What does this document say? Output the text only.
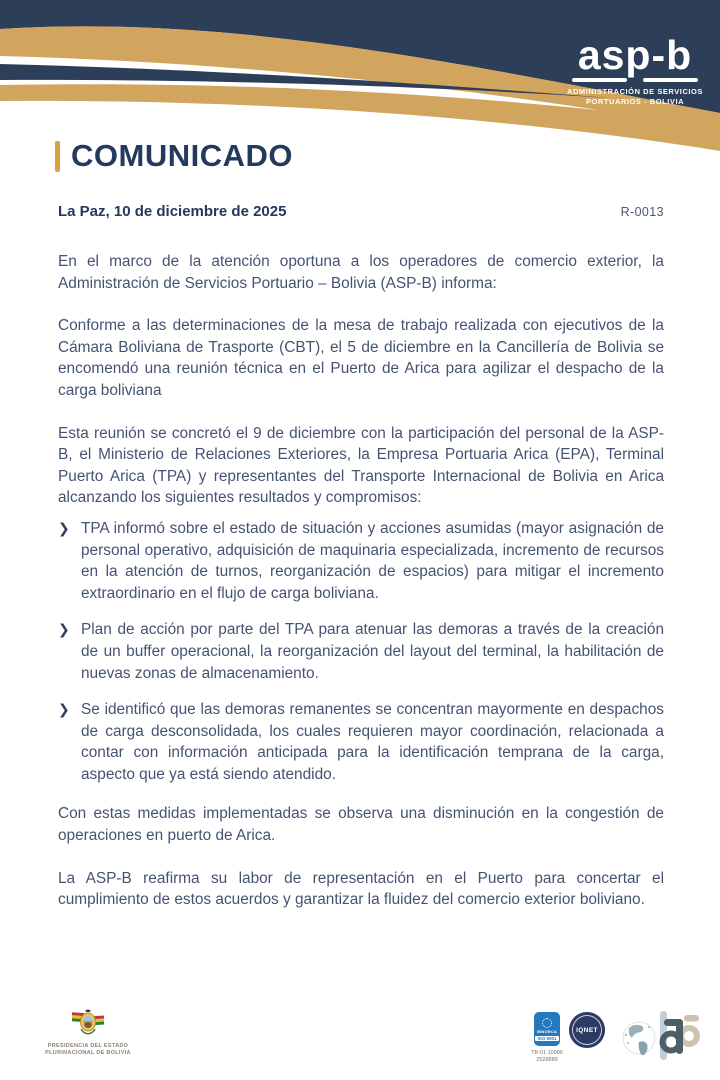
asp-b
ADMINISTRACIÓN DE SERVICIOS
PORTUARIOS - BOLIVIA
COMUNICADO
La Paz, 10 de diciembre de 2025	R-0013

En el marco de la atención oportuna a los operadores de comercio exterior, la Administración de Servicios Portuario – Bolivia (ASP-B) informa:

Conforme a las determinaciones de la mesa de trabajo realizada con ejecutivos de la Cámara Boliviana de Trasporte (CBT), el 5 de diciembre en la Cancillería de Bolivia se encomendó una reunión técnica en el Puerto de Arica para agilizar el despacho de la carga boliviana

Esta reunión se concretó el 9 de diciembre con la participación del personal de la ASP-B, el Ministerio de Relaciones Exteriores, la Empresa Portuaria Arica (EPA), Terminal Puerto Arica (TPA) y representantes del Transporte Internacional de Bolivia en Arica alcanzando los siguientes resultados y compromisos:

❯ TPA informó sobre el estado de situación y acciones asumidas (mayor asignación de personal operativo, adquisición de maquinaria especializada, incremento de recursos en la atención de turnos, reorganización de espacios) para mitigar el incremento extraordinario en el flujo de carga boliviana.

❯ Plan de acción por parte del TPA para atenuar las demoras a través de la creación de un buffer operacional, la reorganización del layout del terminal, la habilitación de nuevas zonas de almacenamiento.

❯ Se identificó que las demoras remanentes se concentran mayormente en despachos de carga desconsolidada, los cuales requieren mayor coordinación, relacionada a contar con información anticipada para la identificación temprana de la carga, aspecto que ya está siendo atendido.

Con estas medidas implementadas se observa una disminución en la congestión de operaciones en puerto de Arica.

La ASP-B reafirma su labor de representación en el Puerto para concertar el cumplimiento de estos acuerdos y garantizar la fluidez del comercio exterior boliviano.

PRESIDENCIA DEL ESTADO
PLURINACIONAL DE BOLIVIA
IBNORCA
ISO 9001
TB-01 10006
2528889
IQNET
